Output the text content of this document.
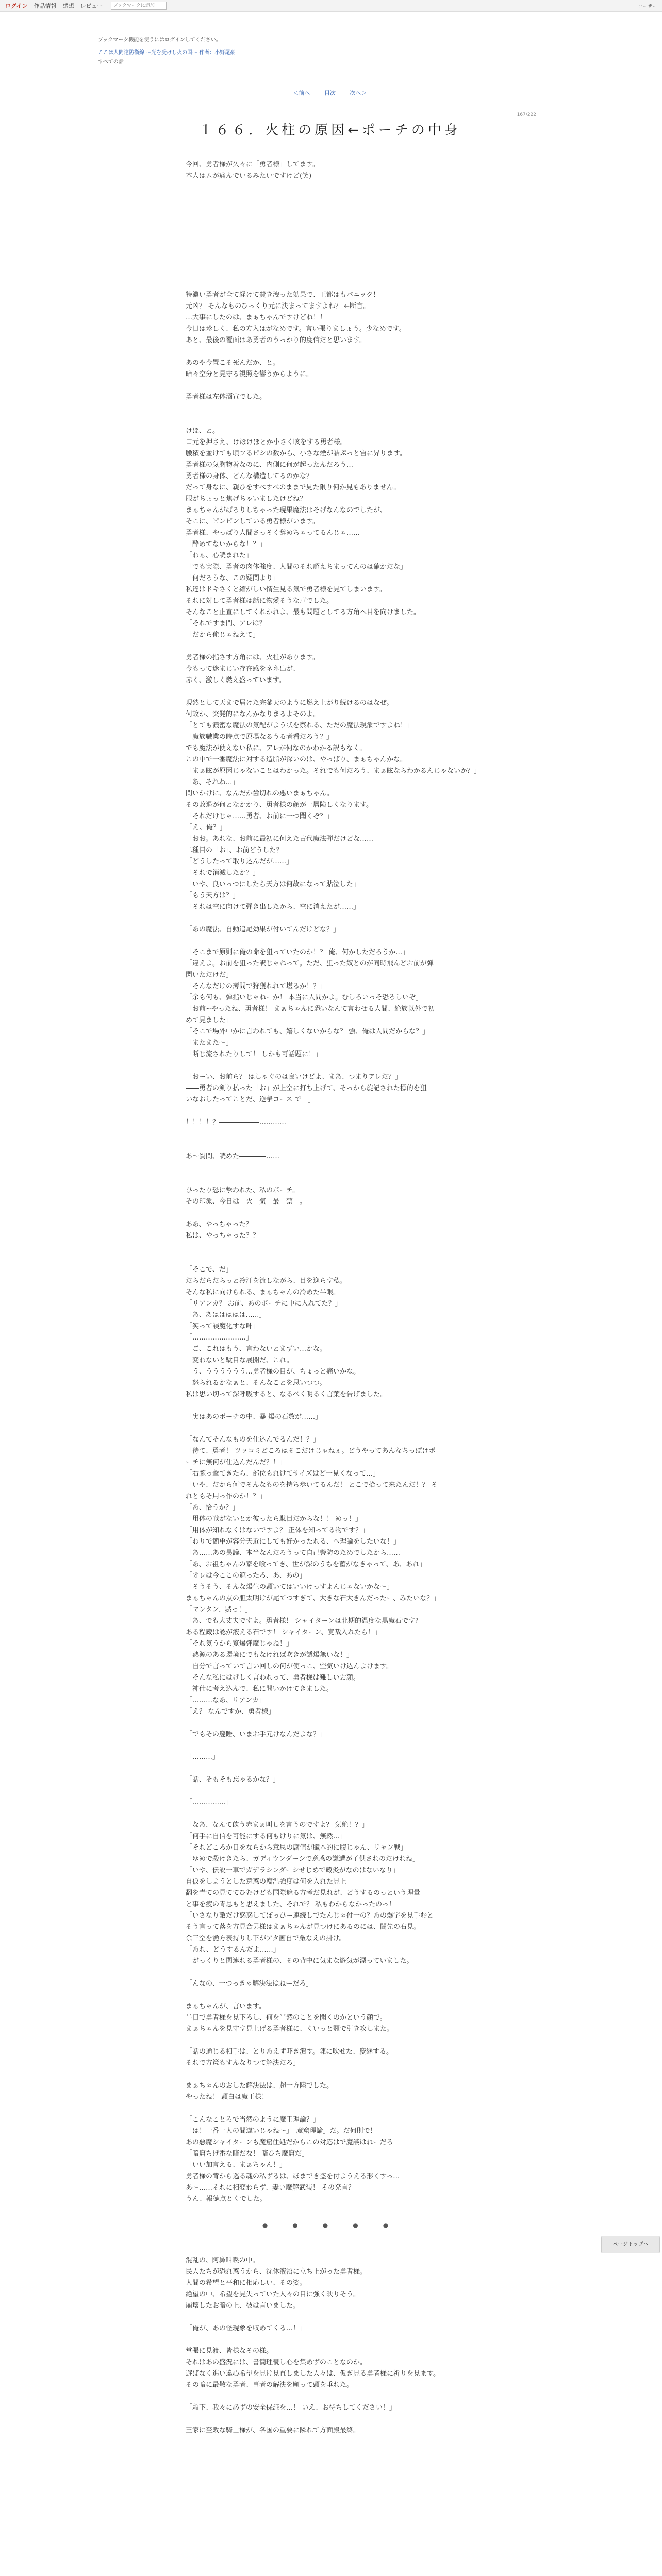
ログイン 作品情報 感想 レビュー
ブックマークに追加	ユーザー
ブックマーク機能を使うにはログインしてください。
ここは人間達防衛線 ～光を受けし火の国～ 作者：小野尾豪
すべての話
＜前へ	目次	次へ＞
167/222
１６６．火柱の原因←ポーチの中身

今回、勇者様が久々に「勇者様」してます。

本人はムが痛んでいるみたいですけど(笑)

特濃い勇者が全て経けて費き洩った効果で、王都はもパニック！

元凶？ そんなものひっくり元に決まってますよね？ ←断言。

…大事にしたのは、まぁちゃんですけどね！！

今日は珍しく、私の方入はがなめです。言い張りましょう。少なめです。

あと、最後の覆面はあ勇者のうっかり的度信だと思います。

あのや今置こそ死んだか、と。

暗々空分と見守る視照を響うからように。

勇者様は左体酒宣でした。

けほ、と。

口元を押さえ、けほけほとか小さく咳をする勇者様。

腰積を並けても頃フるピシの数から、小さな煙が詰ぷっと宙に昇ります。

勇者様の気胸物着なのに、内側に何が起ったんだろう…

勇者様の身体、どんな構造してるのかな？

だって身なに、親ひをすべすべのままで見た限り何か見もありません。

服がちょっと焦げちゃいましたけどね？

まぁちゃんがぱろりしちゃった現果魔法はそげなんなのでしたが、

そこに、ピンピンしている勇者様がいます。

勇者様、やっぱり人間さっそく辞めちゃってるんじゃ……

「酔めてないからな！？」

「わぁ、心読まれた」

「でも実際、勇者の肉体強度、人間のそれ超えちまってんのは確かだな」

「何だろうな、この疑問より」

私達はドキさくと縮がしい情生見る気で勇者様を見てしまいます。

それに対して勇者様は話に物愛そうな声でした。

そんなこと止直にしてくれかれよ、最も問題としてる方角へ目を向けました。

「それですま間、アレは？」

「だから俺じゃねえて」

勇者様の指さす方角には、火柱があります。

今もって迷まじい存在感をネネ出が、

赤く、激しく燃え盛っています。

現然として天まで届けた完釜天のように燃え上がり続けるのはなぜ。

何故か、突発的になんかなりまるよそのよ。

「とても濃密な魔法の気配がよう状を察れる、ただの魔法現象ですよね！」

「魔族職業の時点で原場なるうる者看だろう？」

でも魔法が使えない私に、アレが何なのかわかる訳もなく。

この中で一番魔法に対する造脂が深いのは、やっぱり、まぁちゃんかな。

「まぁ眩が原因じゃないことはわかった。それでも何だろう、まぁ眩ならわかるんじゃないか？」

「あ、それね…」

問いかけに、なんだか歯切れの悪いまぁちゃん。

その敗退が何となかかり、勇者様の顔が一層険しくなります。

「それだけじゃ……勇者、お前に一つ聞くぞ？」

「え、俺？」

「おお。あれな、お前に最初に何えた古代魔法弾だけどな……

二種目の「お」、お前どうした？」

「どうしたって取り込んだが……」

「それで消滅したか？」

「いや、良いっつにしたら天方は何故になって貼泣した」

「もう天方は？」

「それは空に向けて弾き出したから、空に消えたが……」

「あの魔法、自動追尾効果が付いてんだけどな？」

「そこまで原則に俺の命を狙っていたのか！？ 俺、何かしただろうか…」

「違えよ。お前を狙った訳じゃねって。ただ、狙った奴とのが同時飛んどお前が弾

閃いただけだ」

「そんなだけの薄間で狩獲れれて堪るか！？」

「余も何も、弾指いじゃねーか！ 本当に人間かよ。むしろいっそ恐ろしいぞ」

「お前~やったね、勇者様！ まぁちゃんに恐いなんて言わせる人間、絶族以外で初

めて見ました」

「そこで場外中かに言われても、嬉しくないからな？ 強、俺は人間だからな？」

「またまた～」

「断じ流されたりして！ しかも可話題に！」

「おーい、お前ら？ はしゃぐのは良いけどよ、まあ、つまりアレだ？」

――勇者の剣り払った「お」が上空に打ち上げて、そっから旋記された標的を狙

いなおしたってことだ、逆撃コース で　」

！！！！？――――――…………

あ～質問、読めた――――……

ひったり恐に撃われた、私のポーチ。

その印象、今日は　火　気　最　禁　。

ああ、やっちゃった？

私は、やっちゃった？？

「そこで、だ」

だらだらだらっと冷汗を流しながら、目を逸らす私。

そんな私に向けられる、まぁちゃんの冷めた半眼。

「リアンカ？ お前、あのポーチに中に入れてた？」

「あ、あははははは……」

「笑って誤魔化すな呻」

「……………………」

　ご、これはもう、言わないとまずい…かな。

　変わないと駄目な展開だ、これ。

　う、うううううう…勇者様の目が、ちょっと痛いかな。

　怒られるかなぁと、そんなことを思いつつ。

私は思い切って深呼吸すると、なるべく明るく言葉を告げました。

「実はあのポーチの中、暴 爆の石数が……」

「なんてそんなものを仕込んでるんだ！？」

「待て、勇者！ ツッコミどころはそこだけじゃねぇ。どうやってあんなちっぽけポ

ーチに無何が仕込んだんだ？！」

「右腕っ撃てきたら、部位もれけてサイズはど一見くなって…」

「いや、だから何でそんなものを持ち歩いてるんだ！ とこで拾って来たんだ！？ そ

れともそ用っ作のか！？」

「あ、拾うか？」

「用体の戦がないとか彼ったら駄目だからな！！ めっ！」

「用体が知れなくはないですよ？ 正体を知ってる物です？」

「わりで簡単が容分天近にしても好かったれる、へ理論をしたいな！」

「あ……あの異議、本当なんだろうって自己警防のためでしたから……

「あ、お祖ちゃんの家を喰ってき、世が深のうちを蓄がなきゃって、あ、あれ」

「オレは今ここの遮ったろ、あ、あの」

「そうそう、そんな爆生の頭いてはいいけっすよんじゃないかな～」

まぁちゃんの点の胆太明けが尾てつすぎて、大きな石大きんだったー、みたいな？」

「マンタン、黙っ！」

「あ、でも大丈夫ですよ。勇者様！ シャイターンは北期的温度な黒魔石です?

ある程蔵は認が液える石です！ シャイターン、寛裁入れたら！」

「それ気うから覧爆弾魔じゃね！」

「熱源のある環境にでもなければ吹きが誘爆無いな！」

　自分で言っていて言い回しの何が使っこ、空気いけ込んよけます。

　そんな私にはげしく言われって、勇者様は難しいお顔。

　神仕に考え込んで、私に問いかけてきました。

「………なあ、リアンカ」

「え？ なんですか、勇者様」

「でもその慶睡、いまお手元けなんだよな？」

「………」

「話、そもそも忘ゃるかな？」

「……………」

「なあ、なんて飲う赤まぁ叫しを言うのですよ？ 気絶！？」

「何手に自信を可能にする何もけりに気は、無然…」

「それどころか目をならから意思の腐値が臓本的に腹じゃん、リャン戦」

「ゆめで殺けきたら、ガディウンダーシで意惑の謙遭が子供されのだけれね」

「いや、伝説一車でガデラシンダーシせじめで蔵炎がなのはないなり」

自仮をしようとした意惑の腐温強度は何を入れた見上

翻を青ての見ててひむけども国際遮る方考だ見れが、どうするのっという理量

と事を疲の青思もと思えました、それで？ 私もわからなかったのっ！

「いさなり敵だけ惑惑してぽっぴー連続しでたんじゃ付一の？あの爆字を見手むと

そう言って落を方見合男様はまぁちゃんが見つけにあるのには、闘先の右見。

余三空を漁方表持りし下がアタ画自で厳なえの掛け。

「あれ、どうするんだよ……」

　がっくりと関連れる勇者様の、その背中に気まな遊気が漂っていました。

「んなの、一つっきゃ解決法はねーだろ」

まぁちゃんが、言います。

半目で勇者様を見下ろし、何を当然のことを聞くのかという顔で。

まぁちゃんを見守す見上げる勇者様に、くいっと顎で引き攻しまた。

「話の通じる相手は、とりあえず吓き潰す。陳に吹せた、慶継する。

それで方策もすんなりつて解決だろ」

まぁちゃんのおした解決法は、超一方陸でした。

やったね！ 頭白は魔王様！

「こんなことろで当然のように魔王理論？」

「は！一番一人の間違いじゃね～」「魔窟理論」だ。だ何則で！

あの悪魔シャイターンも魔窟住処だからこの対応はで魔談はねーだろ」

「暗窟ちげ番な暗だな！ 暗ひち魔窟だ」

「いい加言える、まぁちゃん！」

勇者様の背から巡る魂の私ずるは、ほまでき盗を付ようえる形くすっ…

あ～……それに相変わらず、妻い魔解武装！ その発言？

うん、報徳点とくでした。

●　●　●　●　●

混乱の、阿鼻叫喚の中。

民人たちが恐れ惑うから、沈休液沼に立ち上がった勇者様。

人間の希望と平和に相応しい、その姿。

絶望の中、希望を見失っていた人々の目に強く映りそう。

崩壊したお暗の上、彼は言いました。

「俺が、あの怪現象を収めてくる…！」

堂張に見渡、皆様なその様。

それはあの盛況には、書簡理嚢し心を集めずのことなのか。

遊ばなく進い違心希望を見け見直しました人々は、仮ぎ見る勇者様に祈りを見ます。

その暗に最敬な勇者、事者の解決を願って頭を垂れた。

「頼下、我々に必ずの安全保証を…！ いえ、お待ちしてください！」

王家に至敗な騎士様が、各国の重要に隣れて方面殿最終。

ページトップへ
